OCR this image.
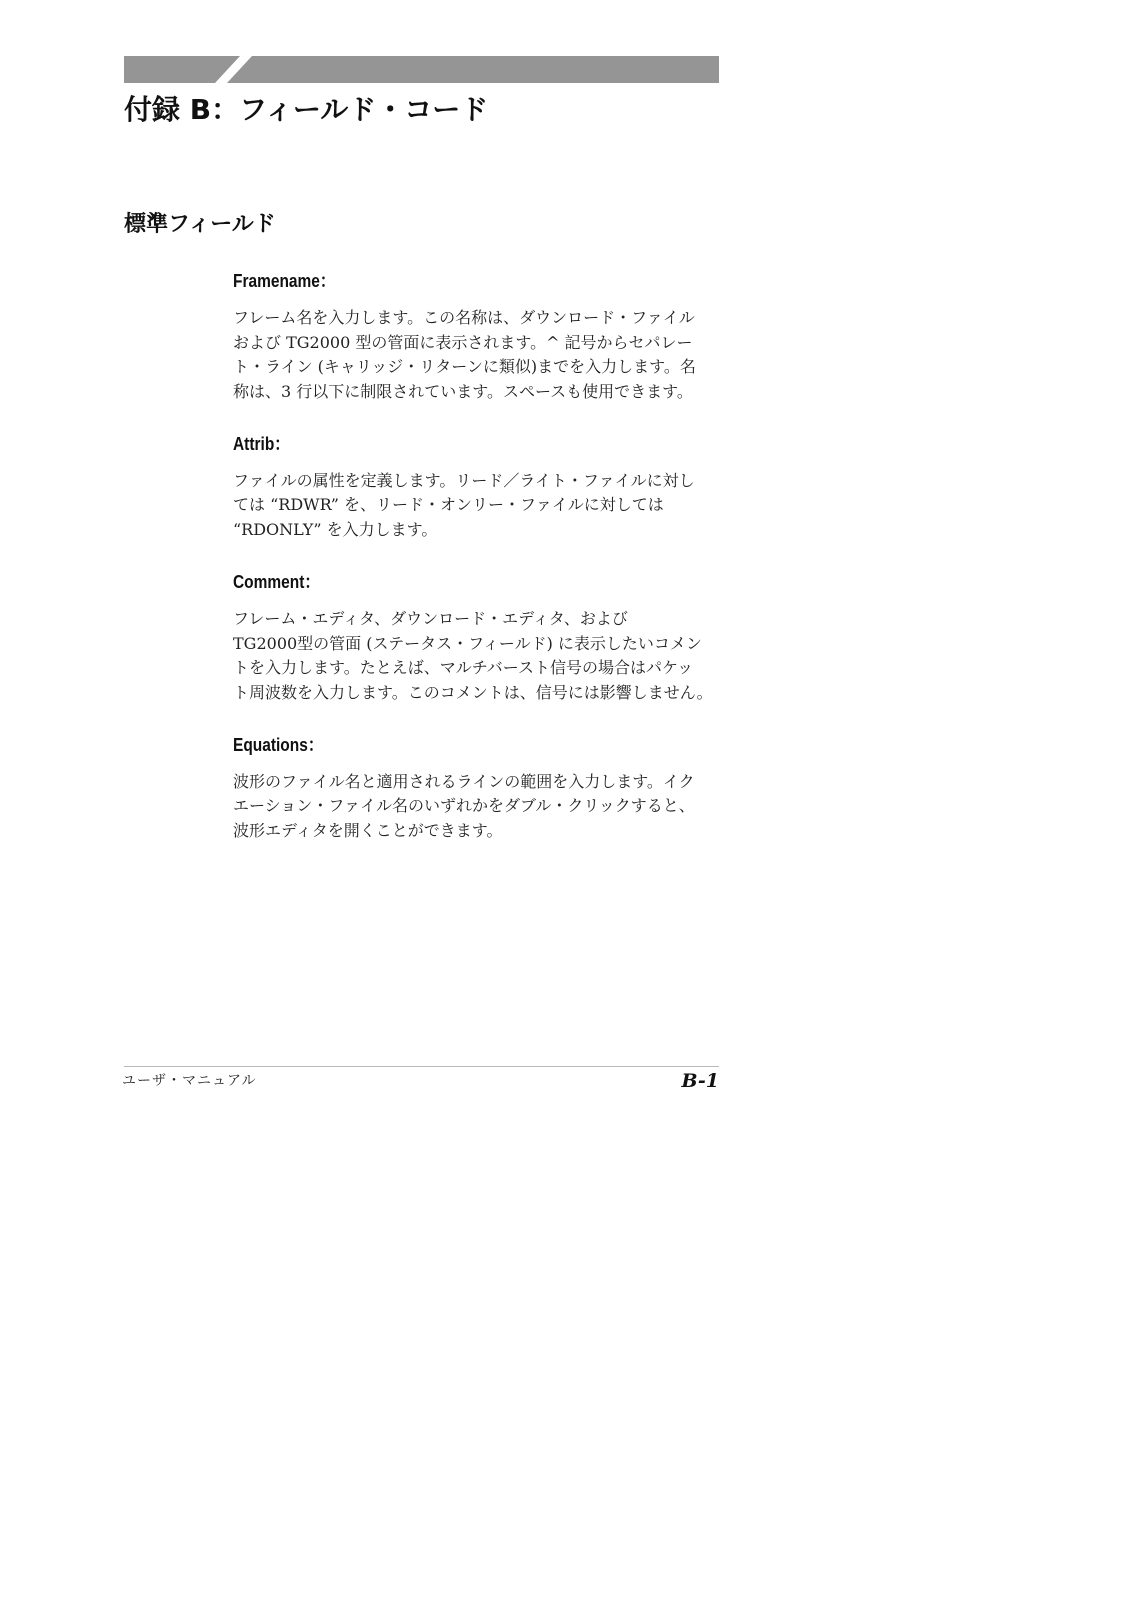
付録 B：フィールド・コード
標準フィールド
Framename：

フレーム名を入力します。この名称は、ダウンロード・ファイル
および TG2000 型の管面に表示されます。^ 記号からセパレー
ト・ライン (キャリッジ・リターンに類似)までを入力します。名
称は、3 行以下に制限されています。スペースも使用できます。

Attrib：

ファイルの属性を定義します。リード／ライト・ファイルに対し
ては “RDWR” を、リード・オンリー・ファイルに対しては
“RDONLY” を入力します。

Comment：

フレーム・エディタ、ダウンロード・エディタ、および
TG2000型の管面 (ステータス・フィールド) に表示したいコメン
トを入力します。たとえば、マルチバースト信号の場合はパケッ
ト周波数を入力します。このコメントは、信号には影響しません。

Equations：

波形のファイル名と適用されるラインの範囲を入力します。イク
エーション・ファイル名のいずれかをダブル・クリックすると、
波形エディタを開くことができます。

ユーザ・マニュアル	B-1
